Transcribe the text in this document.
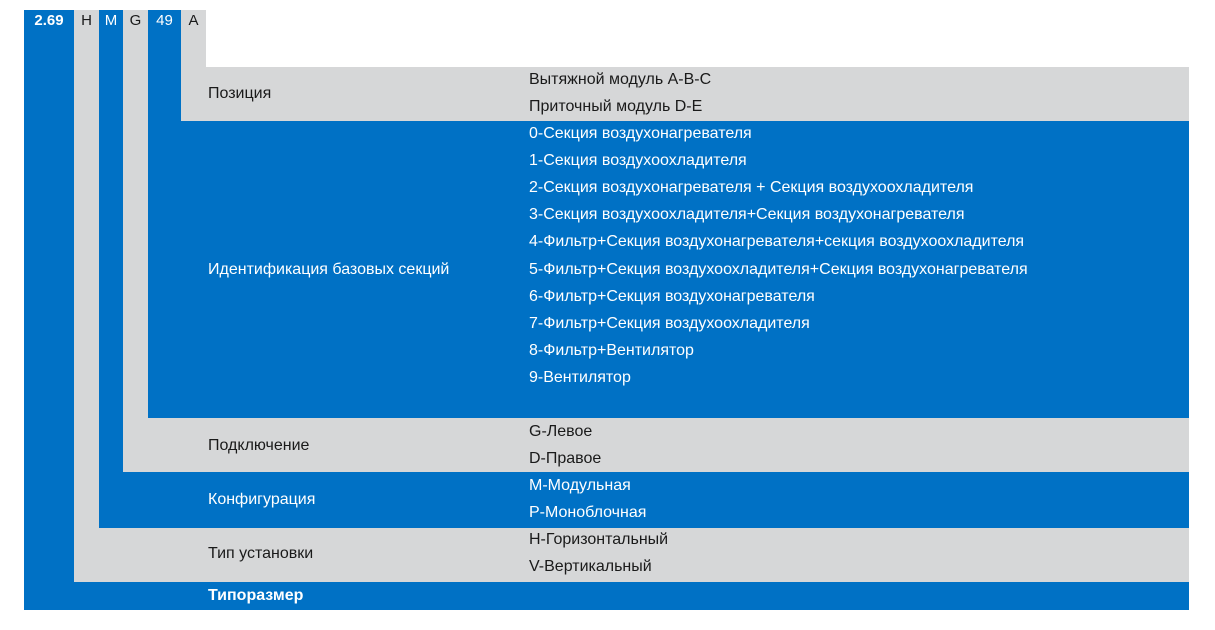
2.69	H M G 49	A
Позиция
Вытяжной модуль A-B-C
Приточный модуль D-E
Идентификация базовых секций
0-Секция воздухонагревателя
1-Секция воздухоохладителя
2-Секция воздухонагревателя + Секция воздухоохладителя
3-Секция воздухоохладителя+Секция воздухонагревателя
4-Фильтр+Секция воздухонагревателя+секция воздухоохладителя
5-Фильтр+Секция воздухоохладителя+Секция воздухонагревателя
6-Фильтр+Секция воздухонагревателя
7-Фильтр+Секция воздухоохладителя
8-Фильтр+Вентилятор
9-Вентилятор
Подключение
G-Левое
D-Правое
Конфигурация
M-Модульная
P-Моноблочная
Тип установки
H-Горизонтальный
V-Вертикальный
Типоразмер
